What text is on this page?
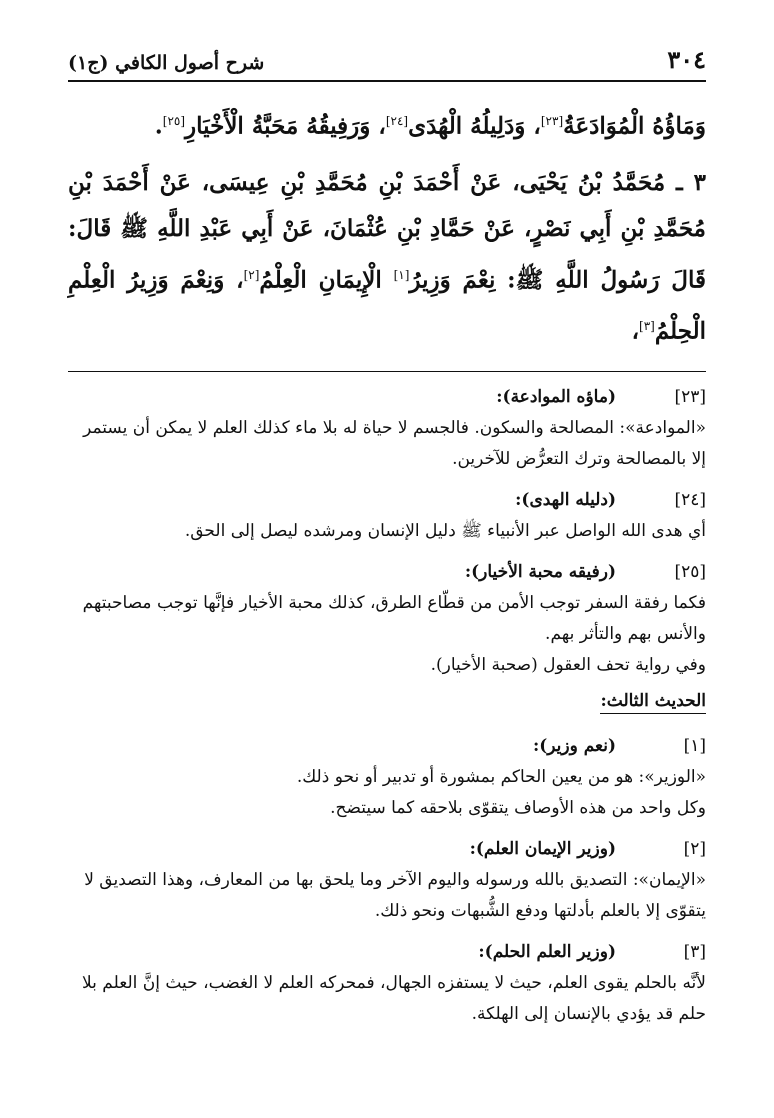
٣٠٤
شرح أصول الكافي (ج١)
وَمَاؤُهُ الْمُوَادَعَةُ[٢٣]، وَدَلِيلُهُ الْهُدَى[٢٤]، وَرَفِيقُهُ مَحَبَّةُ الْأَخْيَارِ[٢٥].
٣ ـ مُحَمَّدُ بْنُ يَحْيَى، عَنْ أَحْمَدَ بْنِ مُحَمَّدِ بْنِ عِيسَى، عَنْ أَحْمَدَ بْنِ مُحَمَّدِ بْنِ أَبِي نَصْرٍ، عَنْ حَمَّادِ بْنِ عُثْمَانَ، عَنْ أَبِي عَبْدِ اللَّهِ ﷺ قَالَ: قَالَ رَسُولُ اللَّهِ ﷺ: نِعْمَ وَزِيرُ[١] الْإِيمَانِ الْعِلْمُ[٢]، وَنِعْمَ وَزِيرُ الْعِلْمِ الْحِلْمُ[٣]،
[٢٣]
(ماؤه الموادعة):

«الموادعة»: المصالحة والسكون. فالجسم لا حياة له بلا ماء كذلك العلم لا يمكن أن يستمر إلا بالمصالحة وترك التعرُّض للآخرين.

[٢٤]
(دليله الهدى):

أي هدى الله الواصل عبر الأنبياء ﷺ دليل الإنسان ومرشده ليصل إلى الحق.

[٢٥]
(رفيقه محبة الأخيار):

فكما رفقة السفر توجب الأمن من قطّاع الطرق، كذلك محبة الأخيار فإنَّها توجب مصاحبتهم والأنس بهم والتأثر بهم.

وفي رواية تحف العقول (صحبة الأخيار).

الحديث الثالث:
[١]
(نعم وزير):

«الوزير»: هو من يعين الحاكم بمشورة أو تدبير أو نحو ذلك.

وكل واحد من هذه الأوصاف يتقوّى بلاحقه كما سيتضح.

[٢]
(وزير الإيمان العلم):

«الإيمان»: التصديق بالله ورسوله واليوم الآخر وما يلحق بها من المعارف، وهذا التصديق لا يتقوّى إلا بالعلم بأدلتها ودفع الشُّبهات ونحو ذلك.

[٣]
(وزير العلم الحلم):

لأنَّه بالحلم يقوى العلم، حيث لا يستفزه الجهال، فمحركه العلم لا الغضب، حيث إنَّ العلم بلا حلم قد يؤدي بالإنسان إلى الهلكة.
